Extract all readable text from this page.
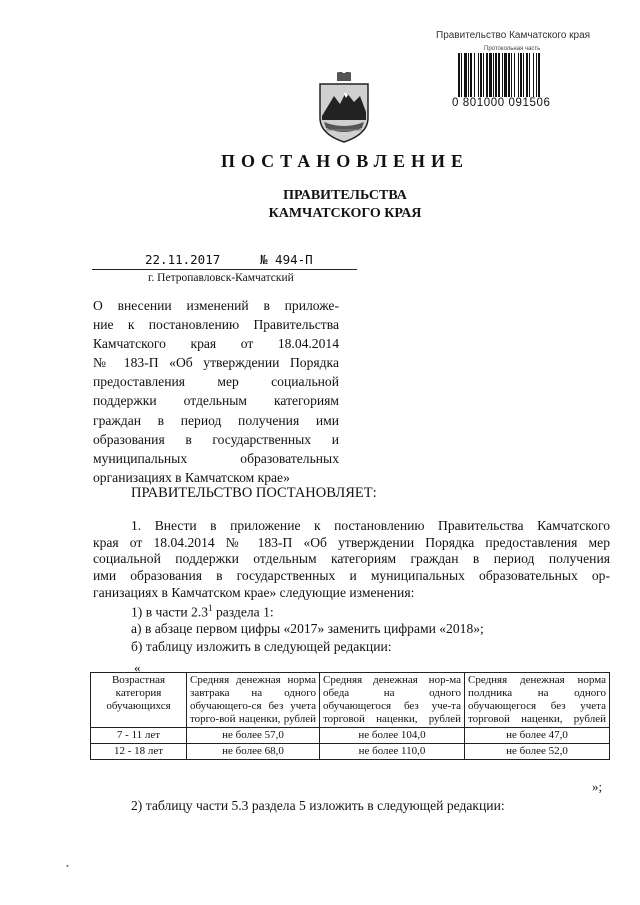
Правительство Камчатского края
Протокольная часть
0 801000 091506
ПОСТАНОВЛЕНИЕ
ПРАВИТЕЛЬСТВА
КАМЧАТСКОГО КРАЯ
22.11.2017	№ 494-П
г. Петропавловск-Камчатский

О внесении изменений в приложе-

ние к постановлению Правительства

Камчатского края от 18.04.2014

№ 183-П «Об утверждении Порядка

предоставления мер социальной

поддержки отдельным категориям

граждан в период получения ими

образования в государственных и

муниципальных образовательных

организациях в Камчатском крае»

ПРАВИТЕЛЬСТВО ПОСТАНОВЛЯЕТ:

1. Внести в приложение к постановлению Правительства Камчатского

края от 18.04.2014 № 183-П «Об утверждении Порядка предоставления мер

социальной поддержки отдельным категориям граждан в период получения

ими образования в государственных и муниципальных образовательных ор-

ганизациях в Камчатском крае» следующие изменения:

1) в части $2.3^1$ раздела 1:
а) в абзаце первом цифры «2017» заменить цифрами «2018»;
б) таблицу изложить в следующей редакции:
«
Возрастная категория обучающихся	Средняя денежная норма завтрака на одного обучающего-ся без учета торго-вой наценки, рублей	Средняя денежная нор-ма обеда на одного обучающегося без уче-та торговой наценки, рублей	Средняя денежная норма полдника на одного обучающегося без учета торговой наценки, рублей
7 - 11 лет	не более 57,0	не более 104,0	не более 47,0
12 - 18 лет	не более 68,0	не более 110,0	не более 52,0
»;
2) таблицу части 5.3 раздела 5 изложить в следующей редакции:
•
